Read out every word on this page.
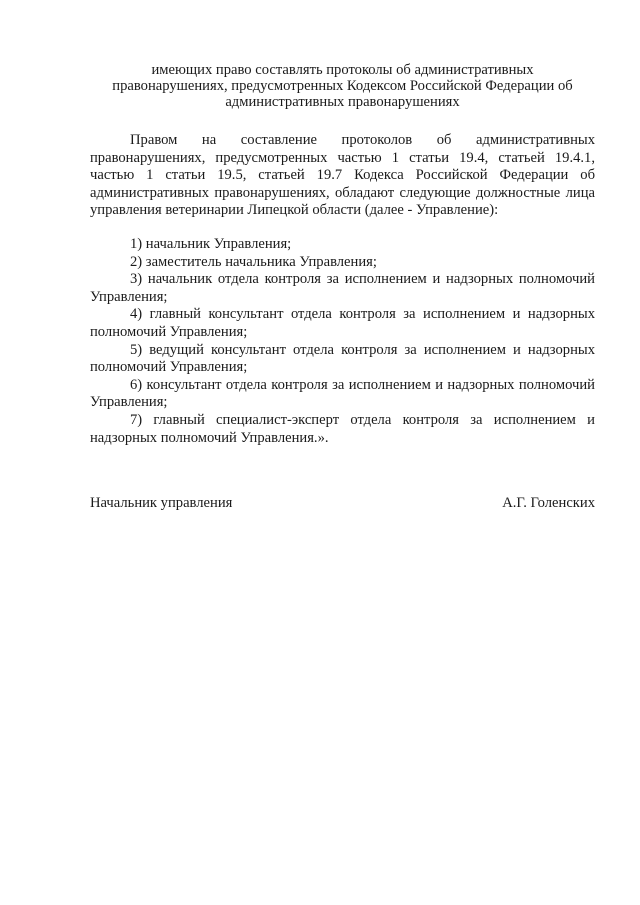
имеющих право составлять протоколы об административных
правонарушениях, предусмотренных Кодексом Российской Федерации об
административных правонарушениях

Правом на составление протоколов об административных правонарушениях, предусмотренных частью 1 статьи 19.4, статьей 19.4.1, частью 1 статьи 19.5, статьей 19.7 Кодекса Российской Федерации об административных правонарушениях, обладают следующие должностные лица управления ветеринарии Липецкой области (далее - Управление):

1) начальник Управления;
2) заместитель начальника Управления;
3) начальник отдела контроля за исполнением и надзорных полномочий Управления;
4) главный консультант отдела контроля за исполнением и надзорных полномочий Управления;
5) ведущий консультант отдела контроля за исполнением и надзорных полномочий Управления;
6) консультант отдела контроля за исполнением и надзорных полномочий Управления;
7) главный специалист-эксперт отдела контроля за исполнением и надзорных полномочий Управления.».
Начальник управления	А.Г. Голенских
